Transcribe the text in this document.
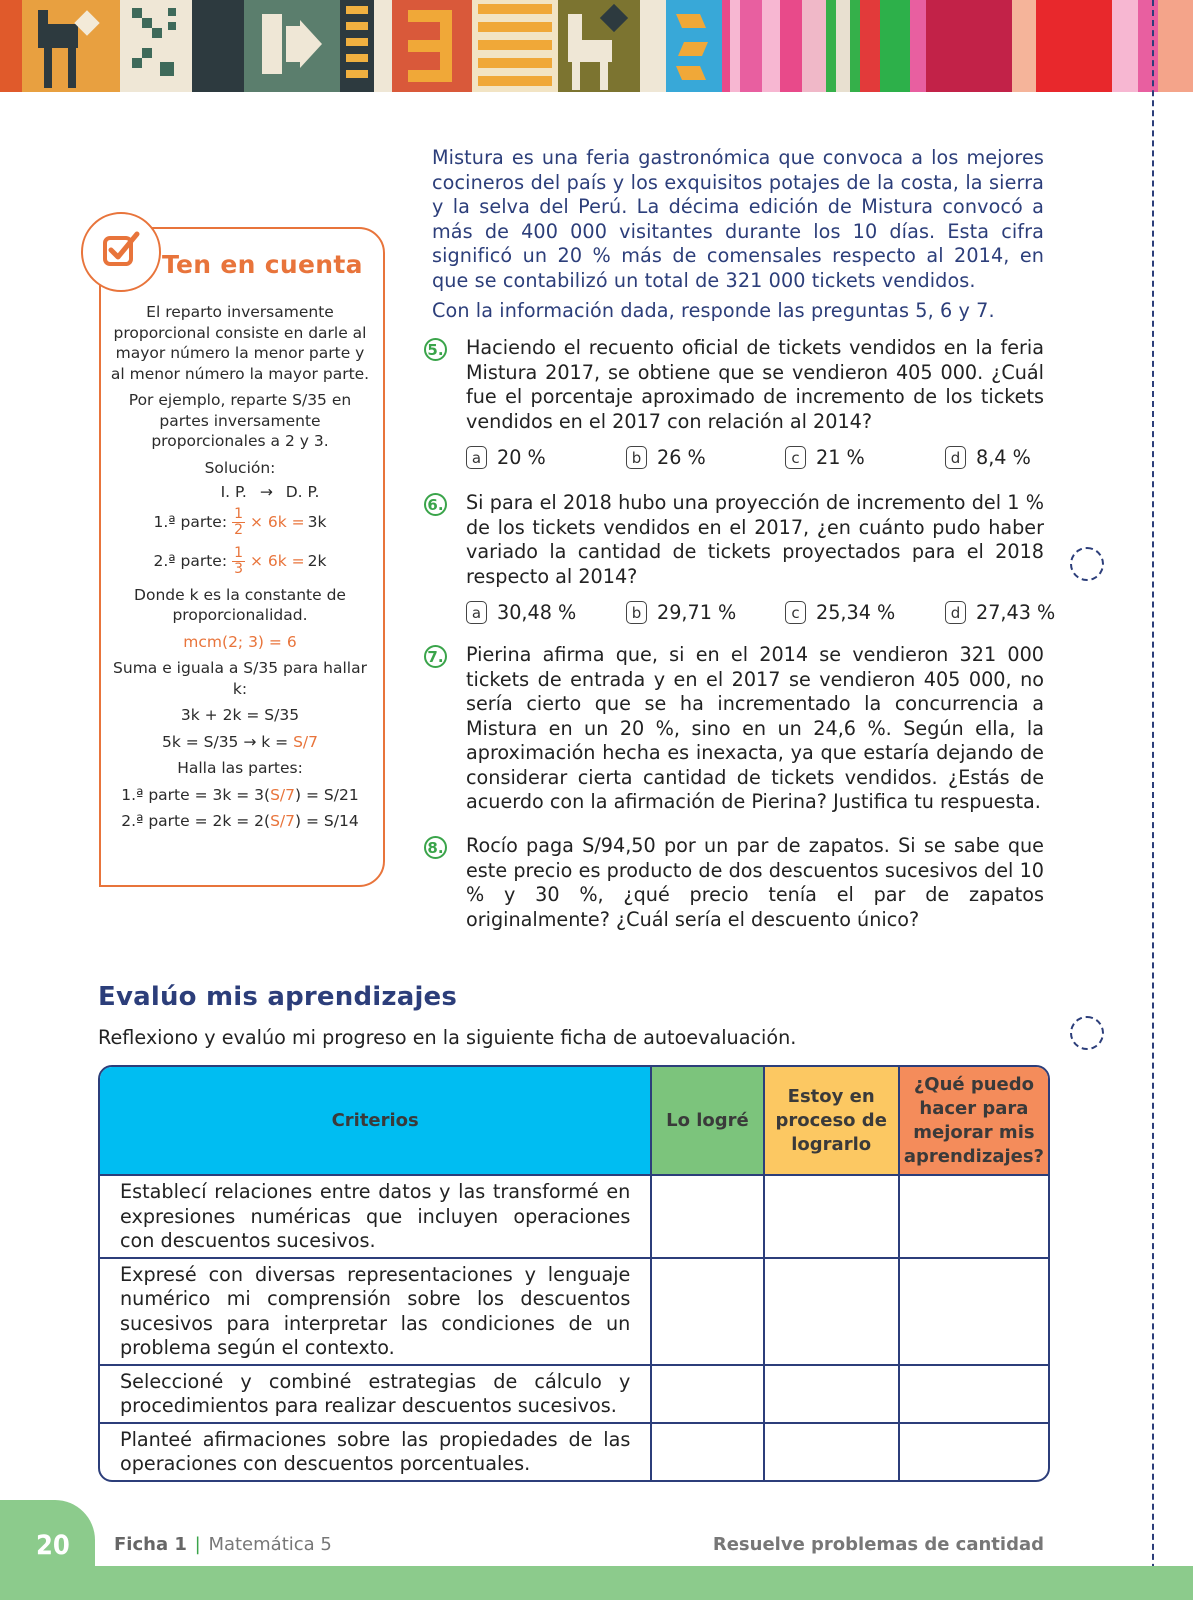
Ten en cuenta

El reparto inversamente proporcional consiste en darle al mayor número la menor parte y al menor número la mayor parte.

Por ejemplo, reparte S/35 en partes inversamente proporcionales a 2 y 3.

Solución:

I. P. → D. P.
1.ª parte: $\frac{1}{2} \times 6k = 3k$
2.ª parte: $\frac{1}{3} \times 6k = 2k$

Donde k es la constante de proporcionalidad.

mcm(2; 3) = 6

Suma e iguala a S/35 para hallar k:

3k + 2k = S/35

5k = S/35 → k = S/7

Halla las partes:

1.ª parte = 3k = 3(S/7) = S/21

2.ª parte = 2k = 2(S/7) = S/14

Mistura es una feria gastronómica que convoca a los mejores cocineros del país y los exquisitos potajes de la costa, la sierra y la selva del Perú. La décima edición de Mistura convocó a más de 400 000 visitantes durante los 10 días. Esta cifra significó un 20 % más de comensales respecto al 2014, en que se contabilizó un total de 321 000 tickets vendidos.

Con la información dada, responde las preguntas 5, 6 y 7.

5. Haciendo el recuento oficial de tickets vendidos en la feria Mistura 2017, se obtiene que se vendieron 405 000. ¿Cuál fue el porcentaje aproximado de incremento de los tickets vendidos en el 2017 con relación al 2014?
a 20 %	b 26 %	c 21 %	d 8,4 %
6. Si para el 2018 hubo una proyección de incremento del 1 % de los tickets vendidos en el 2017, ¿en cuánto pudo haber variado la cantidad de tickets proyectados para el 2018 respecto al 2014?
a 30,48 %	b 29,71 %	c 25,34 %	d 27,43 %
7. Pierina afirma que, si en el 2014 se vendieron 321 000 tickets de entrada y en el 2017 se vendieron 405 000, no sería cierto que se ha incrementado la concurrencia a Mistura en un 20 %, sino en un 24,6 %. Según ella, la aproximación hecha es inexacta, ya que estaría dejando de considerar cierta cantidad de tickets vendidos. ¿Estás de acuerdo con la afirmación de Pierina? Justifica tu respuesta.
8. Rocío paga S/94,50 por un par de zapatos. Si se sabe que este precio es producto de dos descuentos sucesivos del 10 % y 30 %, ¿qué precio tenía el par de zapatos originalmente? ¿Cuál sería el descuento único?
Evalúo mis aprendizajes
Reflexiono y evalúo mi progreso en la siguiente ficha de autoevaluación.
Criterios	Lo logré	Estoy en proceso de lograrlo	¿Qué puedo hacer para mejorar mis aprendizajes?
Establecí relaciones entre datos y las transformé en expresiones numéricas que incluyen operaciones con descuentos sucesivos.			
Expresé con diversas representaciones y lenguaje numérico mi comprensión sobre los descuentos sucesivos para interpretar las condiciones de un problema según el contexto.			
Seleccioné y combiné estrategias de cálculo y procedimientos para realizar descuentos sucesivos.			
Planteé afirmaciones sobre las propiedades de las operaciones con descuentos porcentuales.			
20 Ficha 1 | Matemática 5	Resuelve problemas de cantidad
